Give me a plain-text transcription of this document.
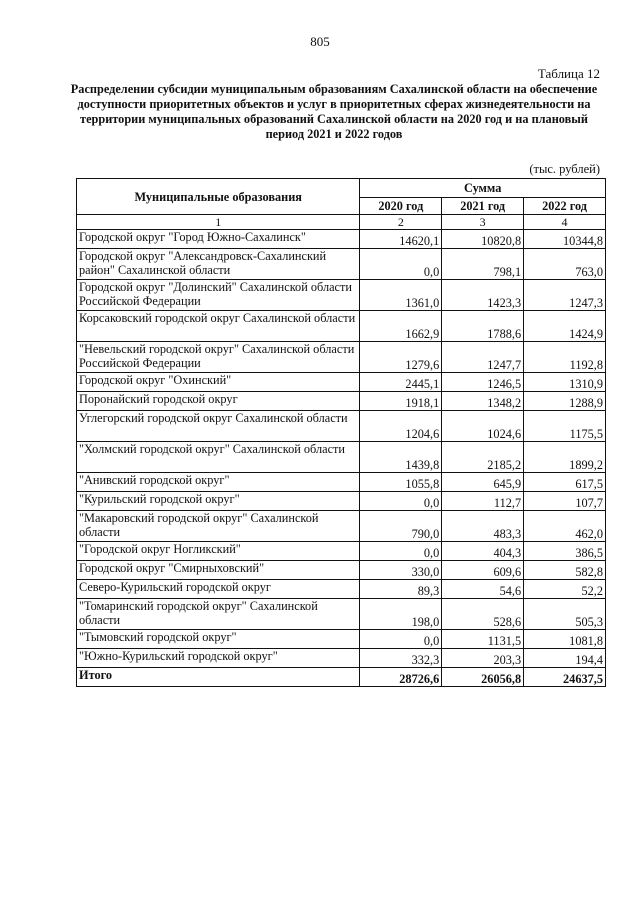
805
Таблица 12
Распределении субсидии муниципальным образованиям Сахалинской области на обеспечение доступности приоритетных объектов и услуг в приоритетных сферах жизнедеятельности на территории муниципальных образований Сахалинской области на 2020 год и на плановый период 2021 и 2022 годов
(тыс. рублей)
Муниципальные образования	Сумма		
	2020 год	2021 год	2022 год
1	2	3	4
Городской округ "Город Южно-Сахалинск"	14620,1	10820,8	10344,8
Городской округ "Александровск-Сахалинский район" Сахалинской области	0,0	798,1	763,0
Городской округ "Долинский" Сахалинской области Российской Федерации	1361,0	1423,3	1247,3
Корсаковский городской округ Сахалинской области	1662,9	1788,6	1424,9
"Невельский городской округ" Сахалинской области Российской Федерации	1279,6	1247,7	1192,8
Городской округ "Охинский"	2445,1	1246,5	1310,9
Поронайский городской округ	1918,1	1348,2	1288,9
Углегорский городской округ Сахалинской области	1204,6	1024,6	1175,5
"Холмский городской округ" Сахалинской области	1439,8	2185,2	1899,2
"Анивский городской округ"	1055,8	645,9	617,5
"Курильский городской округ"	0,0	112,7	107,7
"Макаровский городской округ" Сахалинской области	790,0	483,3	462,0
"Городской округ Ногликский"	0,0	404,3	386,5
Городской округ "Смирныховский"	330,0	609,6	582,8
Северо-Курильский городской округ	89,3	54,6	52,2
"Томаринский городской округ" Сахалинской области	198,0	528,6	505,3
"Тымовский городской округ"	0,0	1131,5	1081,8
"Южно-Курильский городской округ"	332,3	203,3	194,4
Итого	28726,6	26056,8	24637,5
